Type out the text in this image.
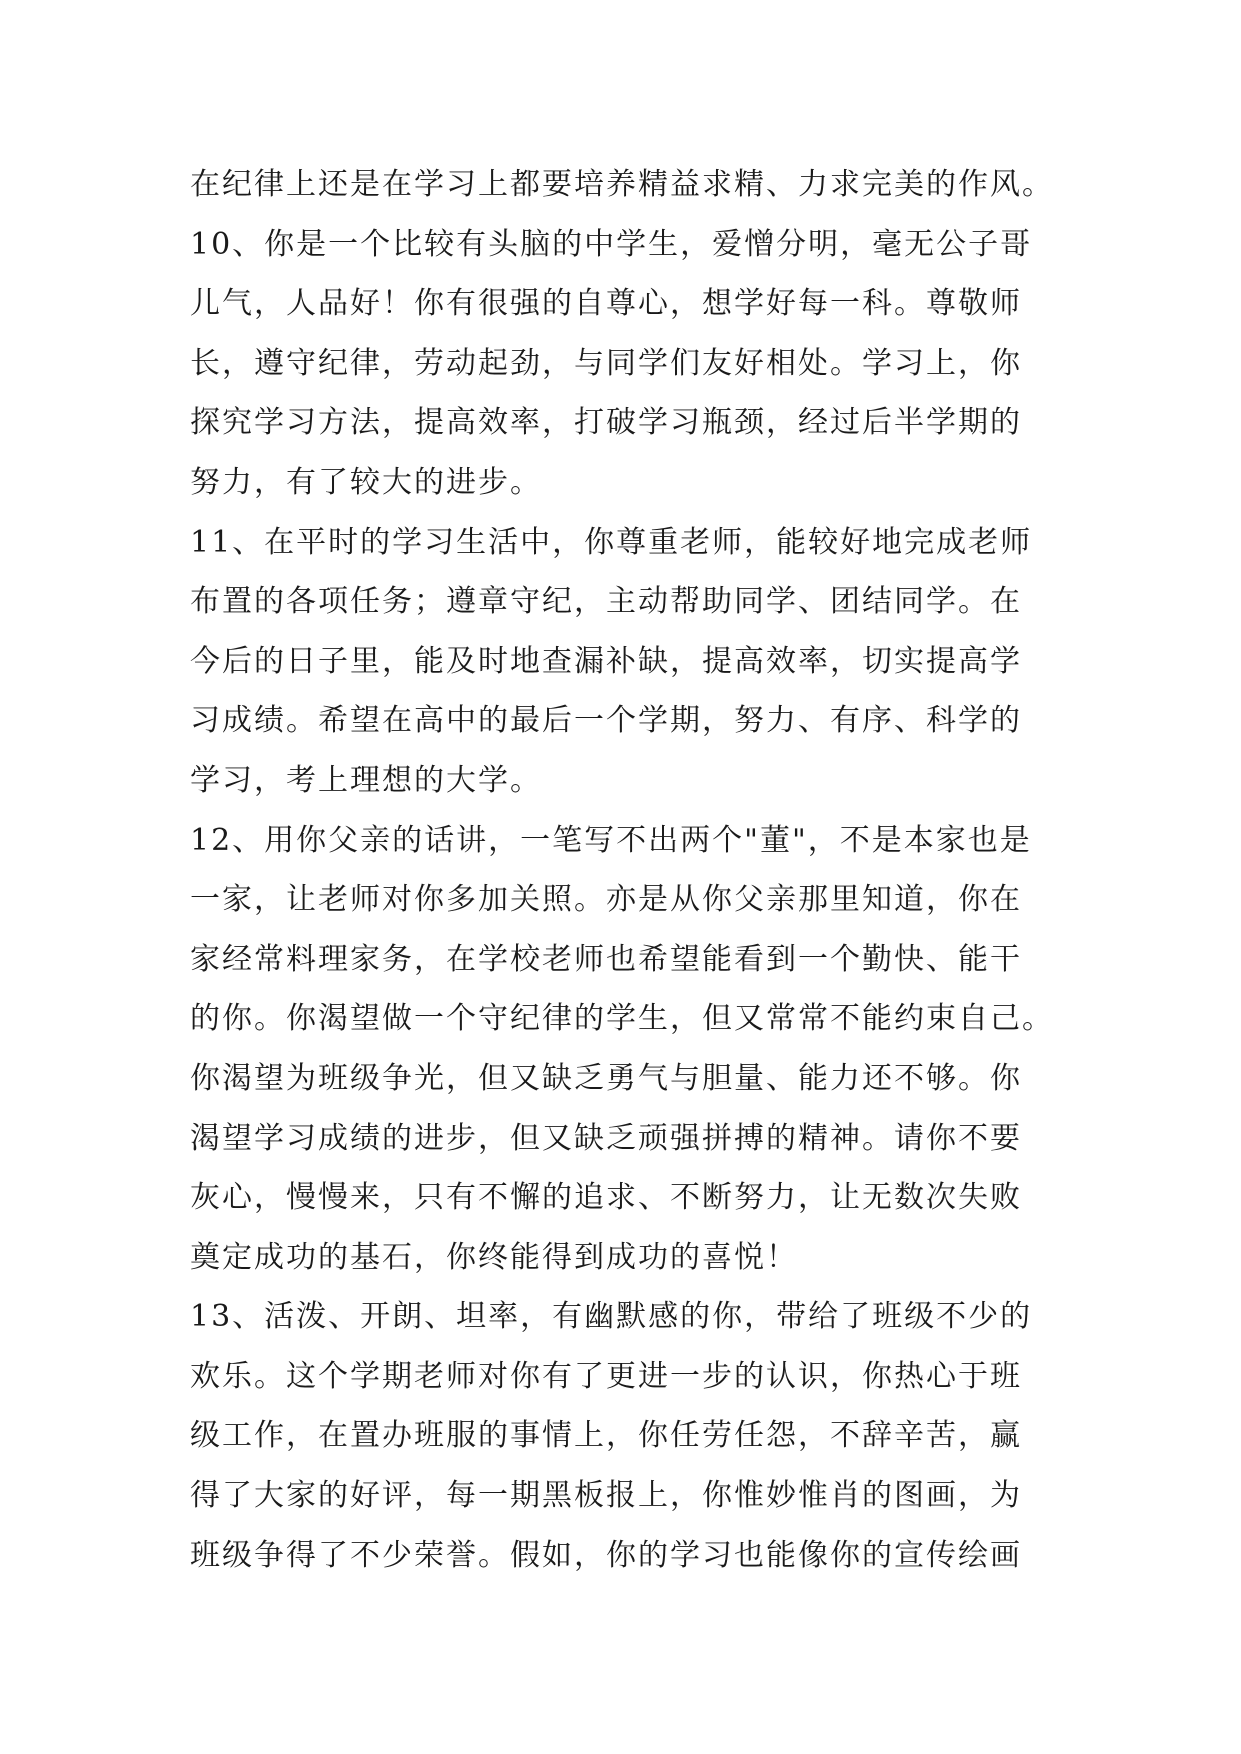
在纪律上还是在学习上都要培养精益求精、力求完美的作风。
10、你是一个比较有头脑的中学生，爱憎分明，毫无公子哥
儿气，人品好！你有很强的自尊心，想学好每一科。尊敬师
长，遵守纪律，劳动起劲，与同学们友好相处。学习上，你
探究学习方法，提高效率，打破学习瓶颈，经过后半学期的
努力，有了较大的进步。
11、在平时的学习生活中，你尊重老师，能较好地完成老师
布置的各项任务；遵章守纪，主动帮助同学、团结同学。在
今后的日子里，能及时地查漏补缺，提高效率，切实提高学
习成绩。希望在高中的最后一个学期，努力、有序、科学的
学习，考上理想的大学。
12、用你父亲的话讲，一笔写不出两个"董"，不是本家也是
一家，让老师对你多加关照。亦是从你父亲那里知道，你在
家经常料理家务，在学校老师也希望能看到一个勤快、能干
的你。你渴望做一个守纪律的学生，但又常常不能约束自己。
你渴望为班级争光，但又缺乏勇气与胆量、能力还不够。你
渴望学习成绩的进步，但又缺乏顽强拼搏的精神。请你不要
灰心，慢慢来，只有不懈的追求、不断努力，让无数次失败
奠定成功的基石，你终能得到成功的喜悦！
13、活泼、开朗、坦率，有幽默感的你，带给了班级不少的
欢乐。这个学期老师对你有了更进一步的认识，你热心于班
级工作，在置办班服的事情上，你任劳任怨，不辞辛苦，赢
得了大家的好评，每一期黑板报上，你惟妙惟肖的图画，为
班级争得了不少荣誉。假如，你的学习也能像你的宣传绘画
